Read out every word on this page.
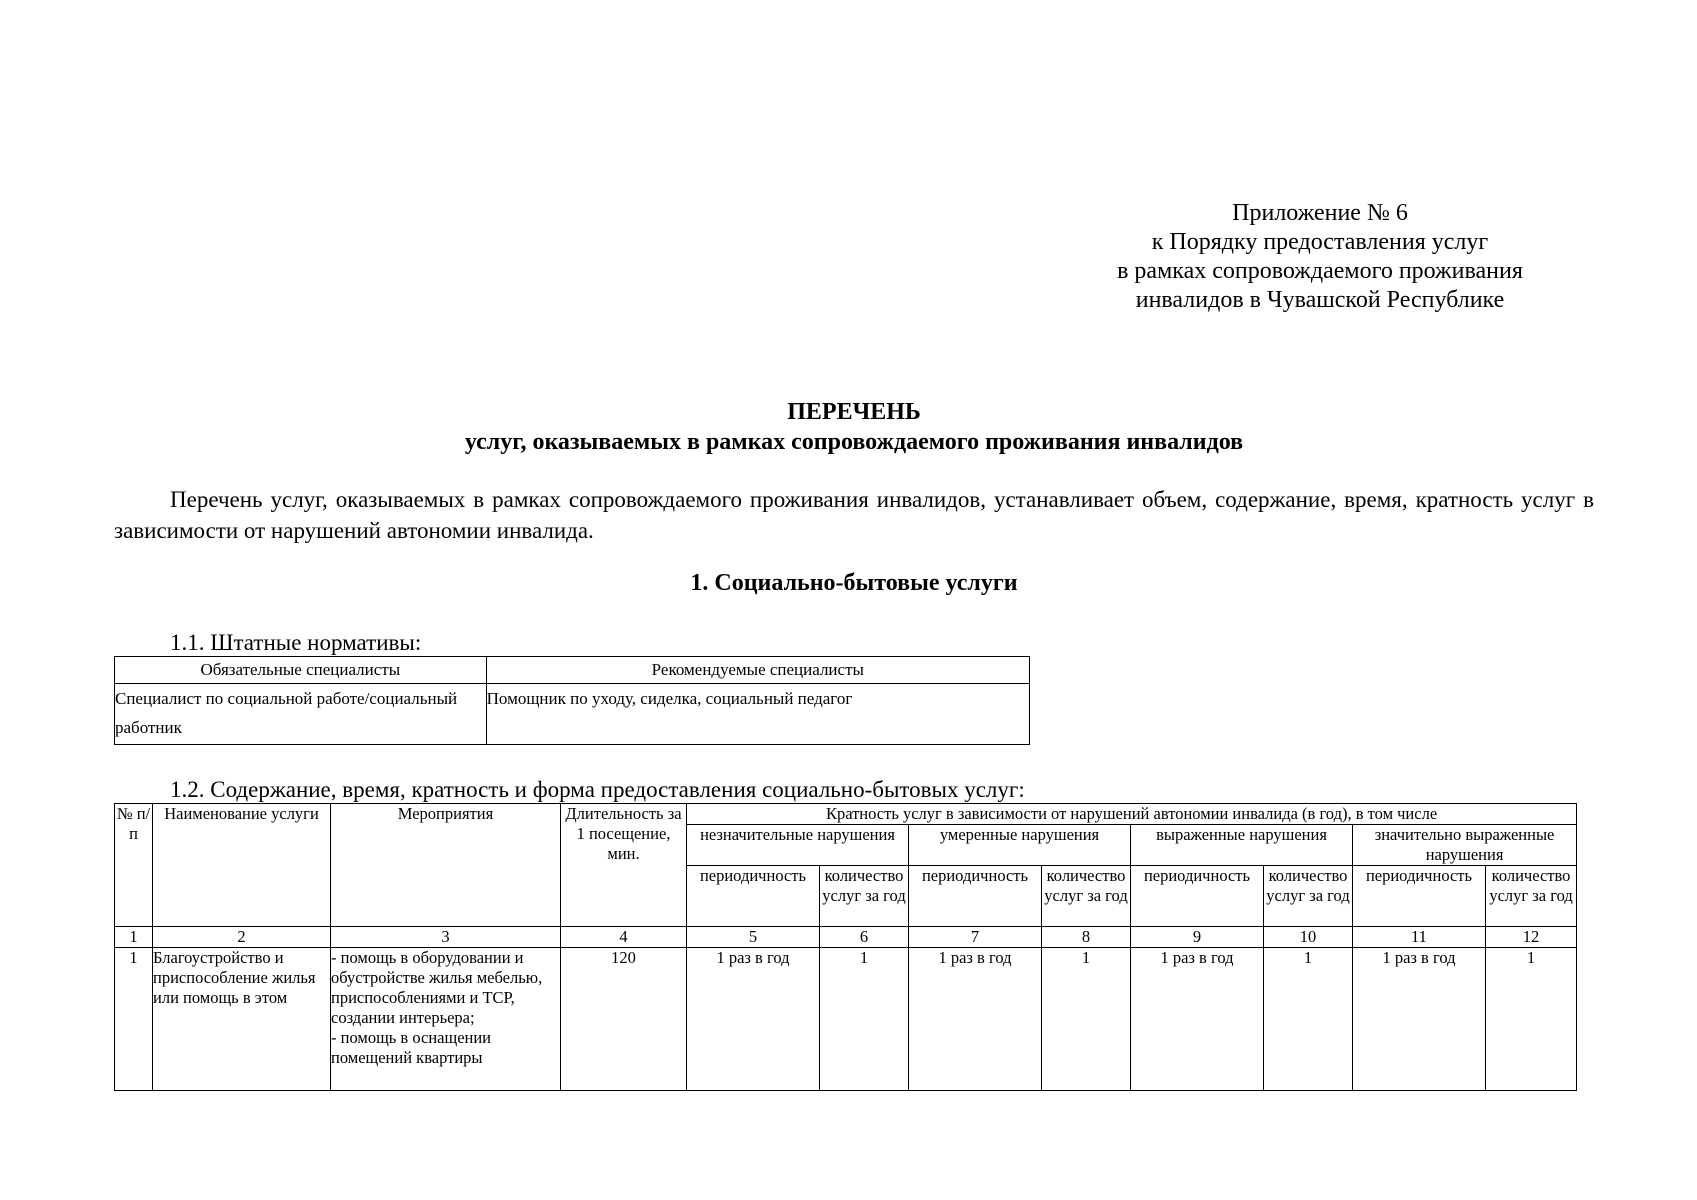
Приложение № 6
к Порядку предоставления услуг
в рамках сопровождаемого проживания
инвалидов в Чувашской Республике
ПЕРЕЧЕНЬ
услуг, оказываемых в рамках сопровождаемого проживания инвалидов
Перечень услуг, оказываемых в рамках сопровождаемого проживания инвалидов, устанавливает объем, содержание, время, кратность услуг в зависимости от нарушений автономии инвалида.
1. Социально-бытовые услуги
1.1. Штатные нормативы:
Обязательные специалисты	Рекомендуемые специалисты
Специалист по социальной работе/социальный работник	Помощник по уходу, сиделка, социальный педагог
1.2. Содержание, время, кратность и форма предоставления социально-бытовых услуг:
№ п/п	Наименование услуги	Мероприятия	Длительность за 1 посещение, мин.	Кратность услуг в зависимости от нарушений автономии инвалида (в год), в том числе							
				незначительные нарушения		умеренные нарушения		выраженные нарушения		значительно выраженные нарушения	
				периодичность	количество услуг за год	периодичность	количество услуг за год	периодичность	количество услуг за год	периодичность	количество услуг за год
1	2	3	4	5	6	7	8	9	10	11	12
1	Благоустройство и приспособление жилья или помощь в этом	- помощь в оборудовании и обустройстве жилья мебелью, приспособлениями и ТСР, создании интерьера;
- помощь в оснащении помещений квартиры	120	1 раз в год	1	1 раз в год	1	1 раз в год	1	1 раз в год	1
